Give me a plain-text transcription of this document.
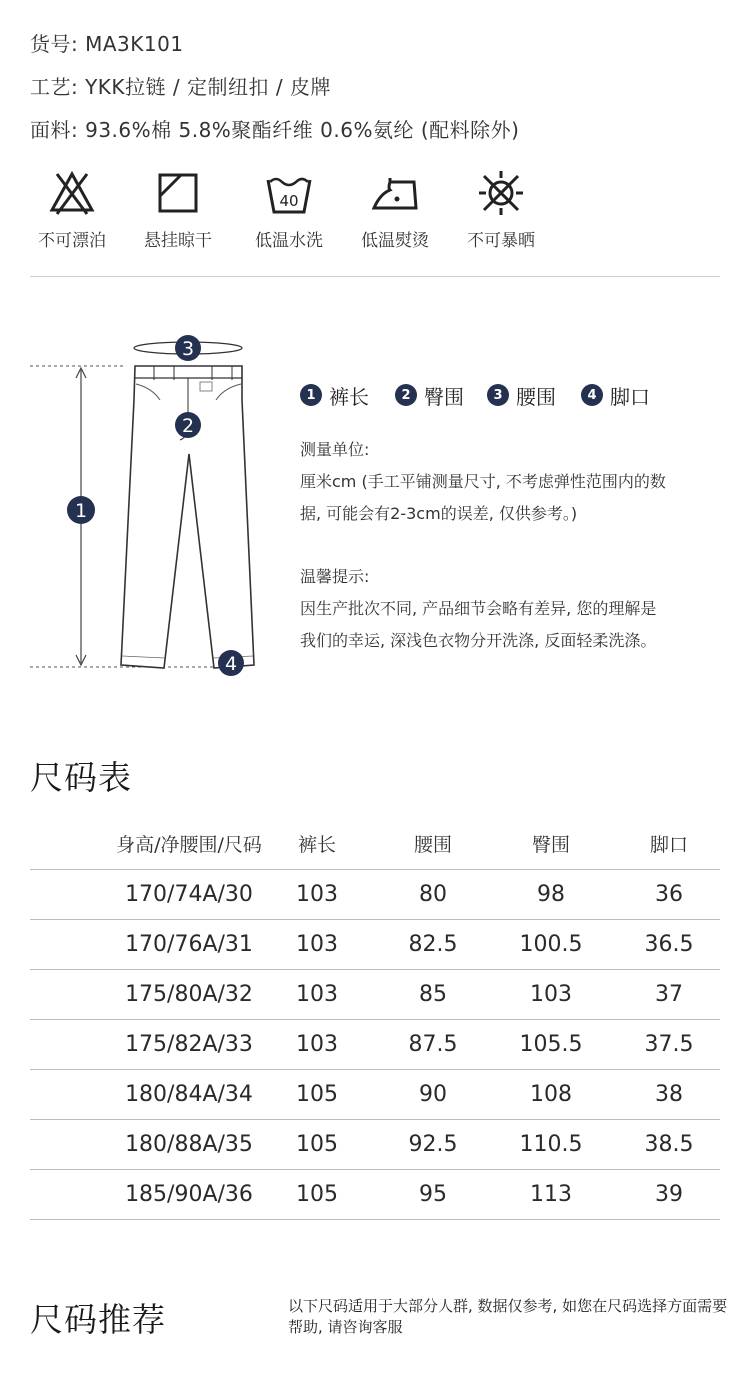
货号: MA3K101
工艺: YKK拉链 / 定制纽扣 / 皮牌
面料: 93.6%棉 5.8%聚酯纤维 0.6%氨纶 (配料除外)
不可漂泊	悬挂晾干
40
低温水洗	低温熨烫	不可暴晒
1
2
3
4
1 裤长	2 臀围	3 腰围	4 脚口
测量单位:
厘米cm (手工平铺测量尺寸, 不考虑弹性范围内的数
据, 可能会有2-3cm的误差, 仅供参考。)
温馨提示:
因生产批次不同, 产品细节会略有差异, 您的理解是
我们的幸运, 深浅色衣物分开洗涤, 反面轻柔洗涤。
尺码表
身高/净腰围/尺码	裤长	腰围	臀围	脚口
170/74A/30	103	80	98	36
170/76A/31	103	82.5	100.5	36.5
175/80A/32	103	85	103	37
175/82A/33	103	87.5	105.5	37.5
180/84A/34	105	90	108	38
180/88A/35	105	92.5	110.5	38.5
185/90A/36	105	95	113	39
尺码推荐	以下尺码适用于大部分人群, 数据仅参考, 如您在尺码选择方面需要帮助, 请咨询客服
